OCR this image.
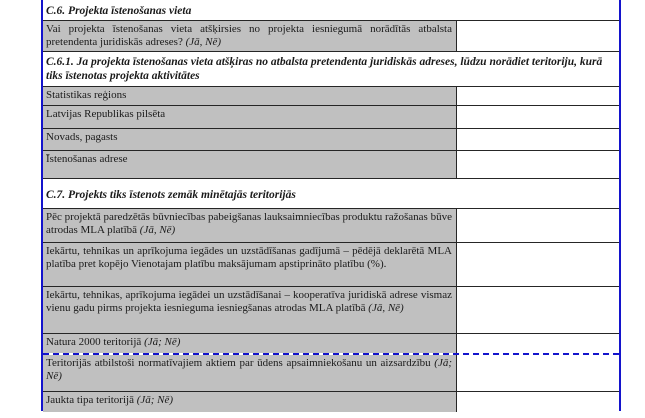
C.6. Projekta īstenošanas vieta
Vai projekta īstenošanas vieta atšķirsies no projekta iesniegumā norādītās atbalsta pretendenta juridiskās adreses? (Jā, Nē)
C.6.1. Ja projekta īstenošanas vieta atšķiras no atbalsta pretendenta juridiskās adreses, lūdzu norādiet teritoriju, kurā tiks īstenotas projekta aktivitātes
Statistikas reģions
Latvijas Republikas pilsēta
Novads, pagasts
Īstenošanas adrese
C.7. Projekts tiks īstenots zemāk minētajās teritorijās
Pēc projektā paredzētās būvniecības pabeigšanas lauksaimniecības produktu ražošanas būve atrodas MLA platībā (Jā, Nē)
Iekārtu, tehnikas un aprīkojuma iegādes un uzstādīšanas gadījumā – pēdējā deklarētā MLA platība pret kopējo Vienotajam platību maksājumam apstiprināto platību (%).
Iekārtu, tehnikas, aprīkojuma iegādei un uzstādīšanai – kooperatīva juridiskā adrese vismaz vienu gadu pirms projekta iesnieguma iesniegšanas atrodas MLA platībā (Jā, Nē)
Natura 2000 teritorijā (Jā; Nē)
Teritorijās atbilstoši normatīvajiem aktiem par ūdens apsaimniekošanu un aizsardzību (Jā; Nē)
Jaukta tipa teritorijā (Jā; Nē)
